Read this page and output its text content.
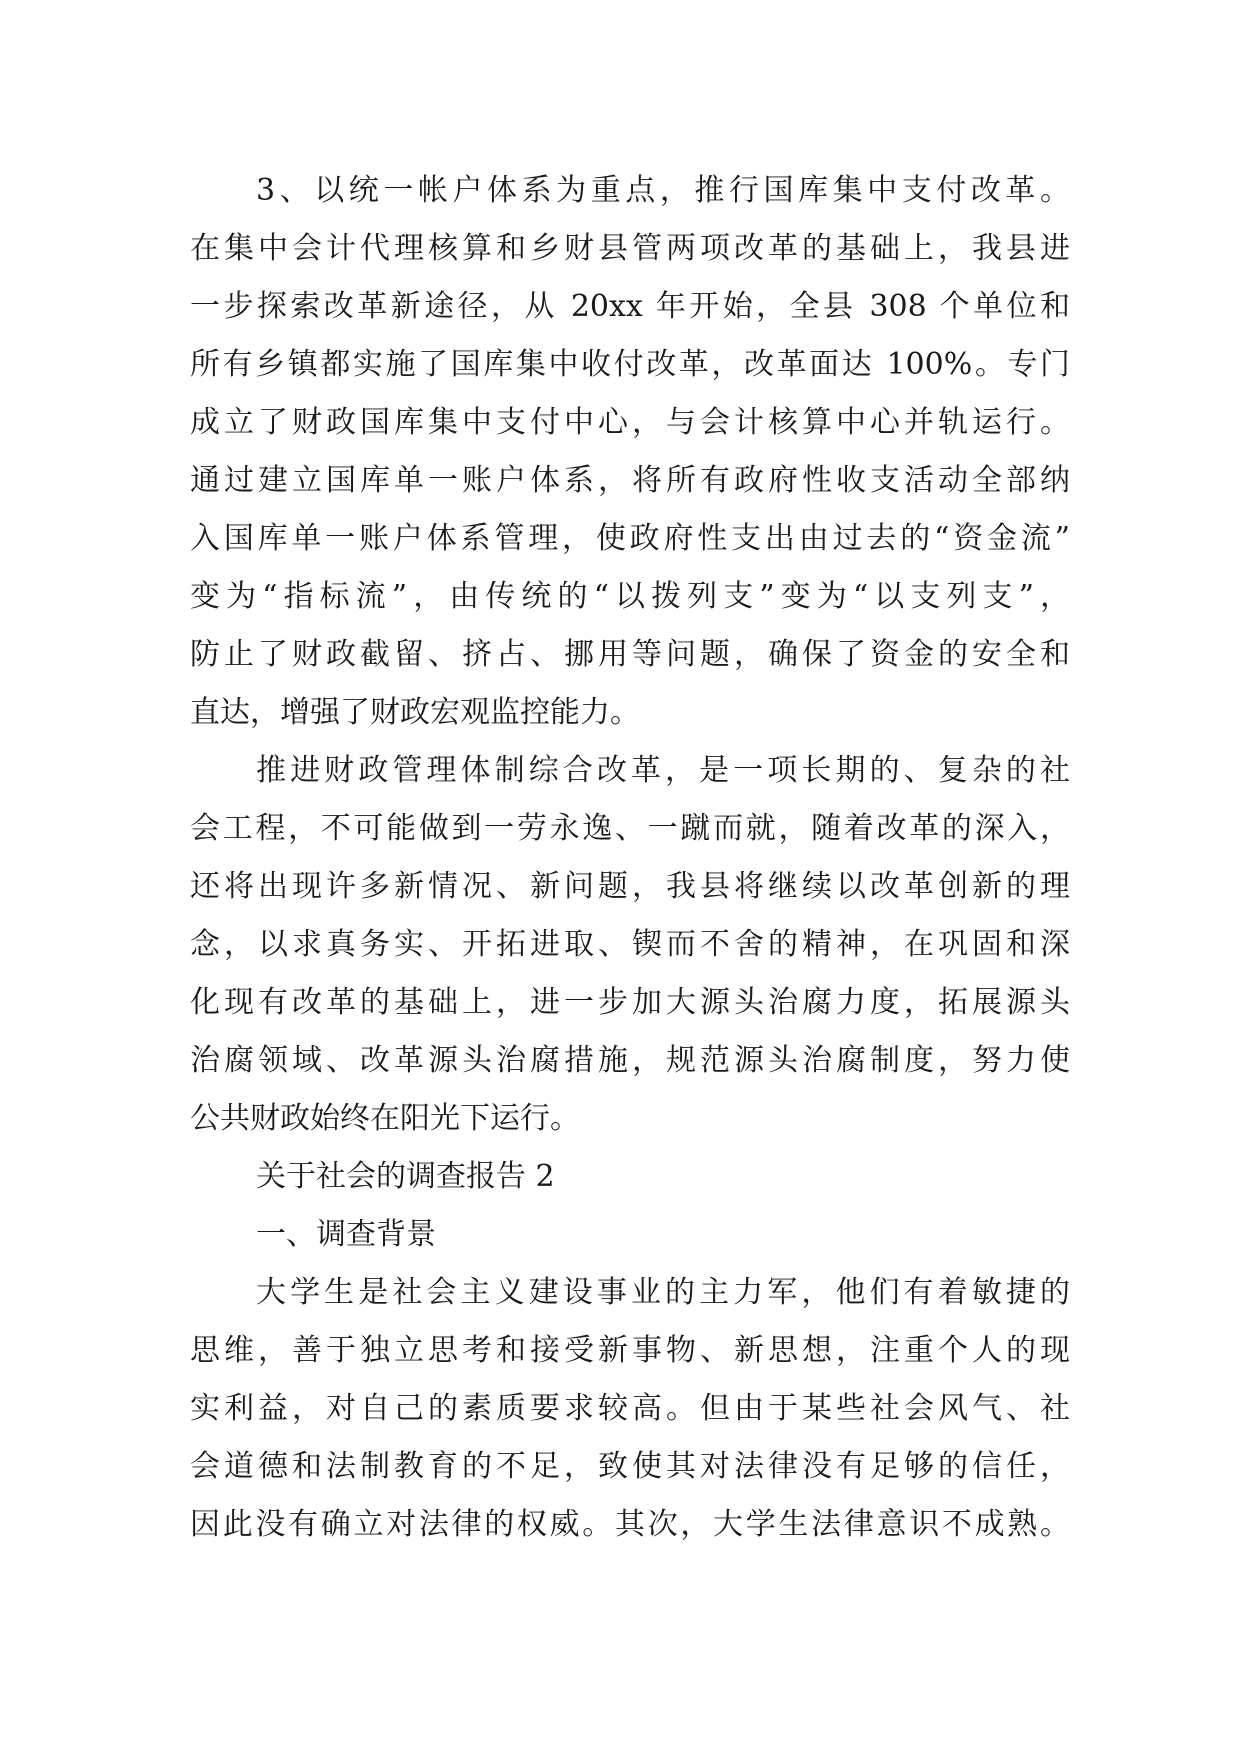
3、以统一帐户体系为重点，推行国库集中支付改革。
在集中会计代理核算和乡财县管两项改革的基础上，我县进
一步探索改革新途径，从 20xx 年开始，全县 308 个单位和
所有乡镇都实施了国库集中收付改革，改革面达 100%。专门
成立了财政国库集中支付中心，与会计核算中心并轨运行。
通过建立国库单一账户体系，将所有政府性收支活动全部纳
入国库单一账户体系管理，使政府性支出由过去的“资金流”
变为“指标流”，由传统的“以拨列支”变为“以支列支”，
防止了财政截留、挤占、挪用等问题，确保了资金的安全和
直达，增强了财政宏观监控能力。
推进财政管理体制综合改革，是一项长期的、复杂的社
会工程，不可能做到一劳永逸、一蹴而就，随着改革的深入，
还将出现许多新情况、新问题，我县将继续以改革创新的理
念，以求真务实、开拓进取、锲而不舍的精神，在巩固和深
化现有改革的基础上，进一步加大源头治腐力度，拓展源头
治腐领域、改革源头治腐措施，规范源头治腐制度，努力使
公共财政始终在阳光下运行。
关于社会的调查报告 2
一、调查背景
大学生是社会主义建设事业的主力军，他们有着敏捷的
思维，善于独立思考和接受新事物、新思想，注重个人的现
实利益，对自己的素质要求较高。但由于某些社会风气、社
会道德和法制教育的不足，致使其对法律没有足够的信任，
因此没有确立对法律的权威。其次，大学生法律意识不成熟。
